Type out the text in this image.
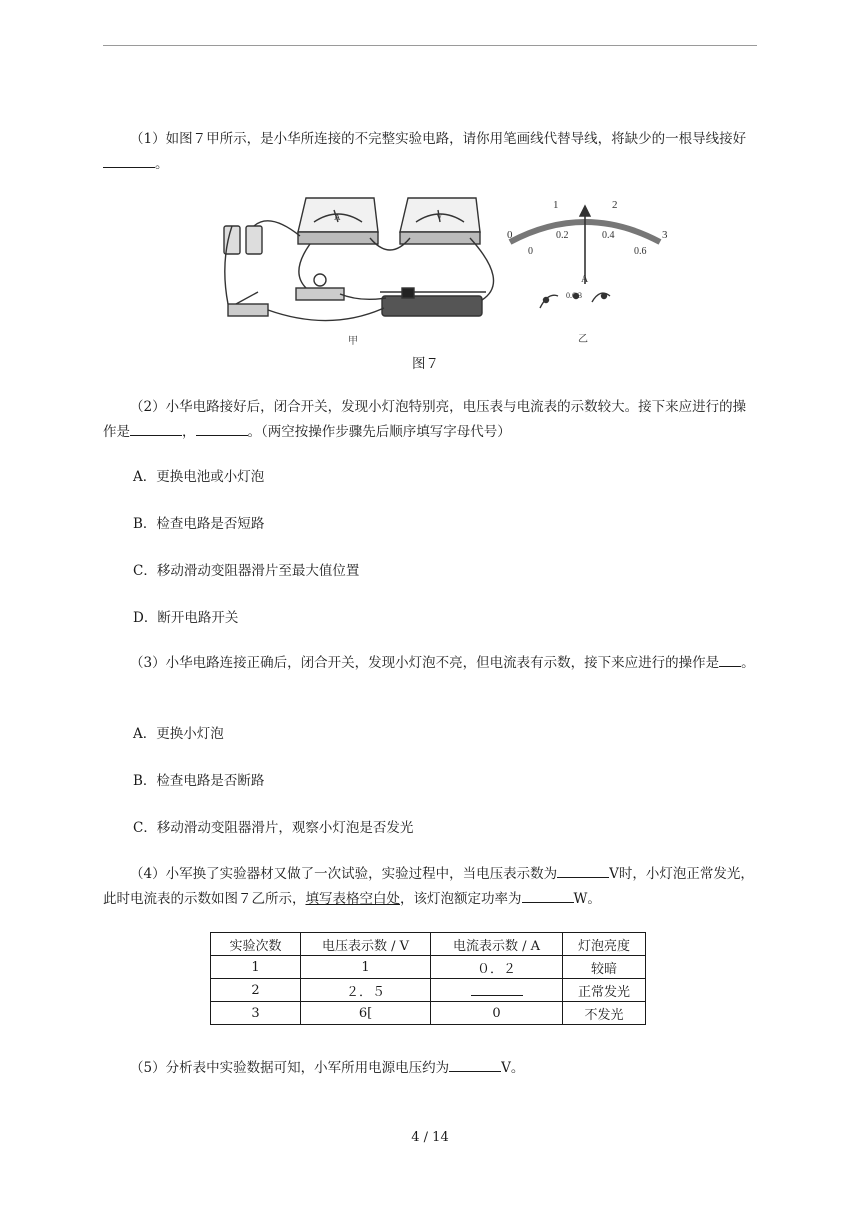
（1）如图７甲所示，是小华所连接的不完整实验电路，请你用笔画线代替导线，将缺少的一根导线接好。
0
1	2
3
0
0.2	0.4
0.6
A
0.6 3
A	V
甲	乙
图７
（2）小华电路接好后，闭合开关，发现小灯泡特别亮，电压表与电流表的示数较大。接下来应进行的操作是	，	。（两空按操作步骤先后顺序填写字母代号）
A．更换电池或小灯泡
B．检查电路是否短路
C．移动滑动变阻器滑片至最大值位置
D．断开电路开关
（3）小华电路连接正确后，闭合开关，发现小灯泡不亮，但电流表有示数，接下来应进行的操作是 。
A．更换小灯泡
B．检查电路是否断路
C．移动滑动变阻器滑片，观察小灯泡是否发光
（4）小军换了实验器材又做了一次试验，实验过程中，当电压表示数为	V时，小灯泡正常发光，此时电流表的示数如图７乙所示，填写表格空白处，该灯泡额定功率为	W。
实验次数	电压表示数 / V	电流表示数 / A	灯泡亮度
1	1	０．２	较暗
2	２．５		正常发光
3	6[	0	不发光
（5）分析表中实验数据可知，小军所用电源电压约为	V。
4 / 14
